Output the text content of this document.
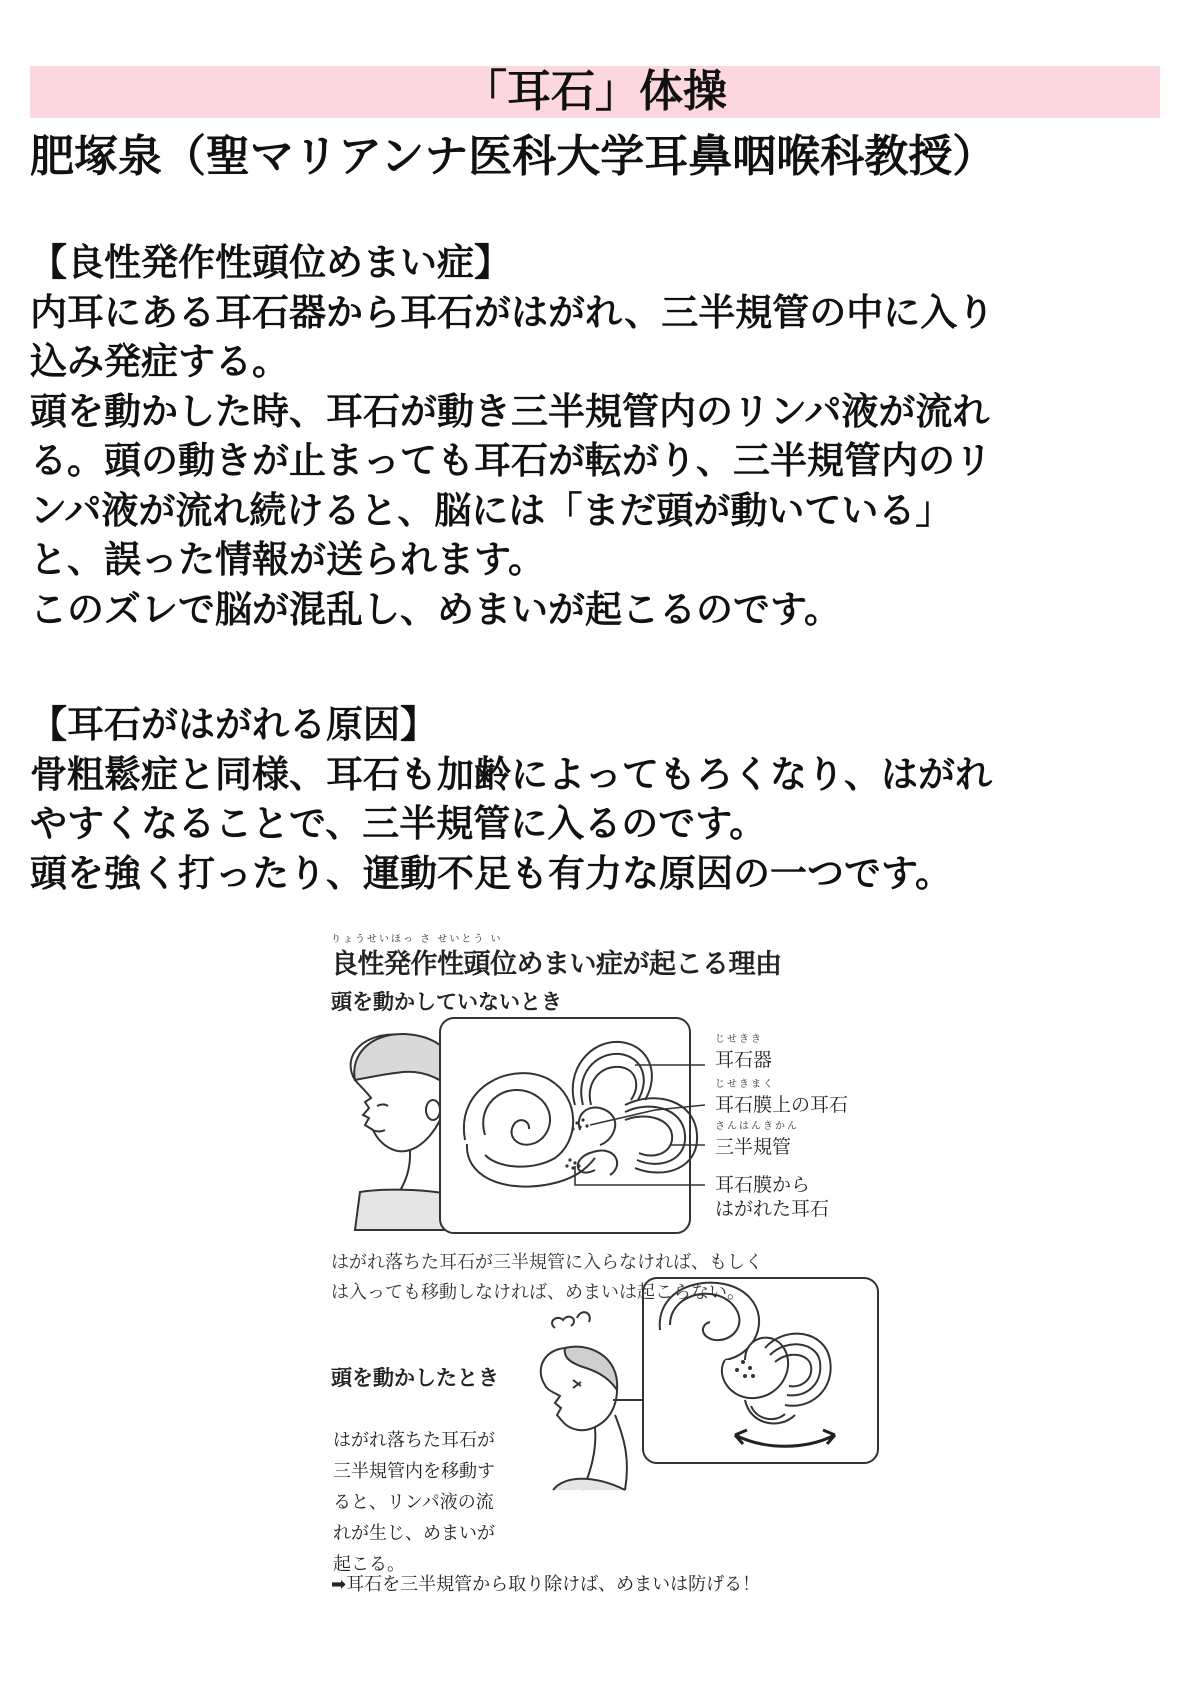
「耳石」体操
肥塚泉（聖マリアンナ医科大学耳鼻咽喉科教授）
【良性発作性頭位めまい症】
内耳にある耳石器から耳石がはがれ、三半規管の中に入り
込み発症する。
頭を動かした時、耳石が動き三半規管内のリンパ液が流れ
る。頭の動きが止まっても耳石が転がり、三半規管内のリ
ンパ液が流れ続けると、脳には「まだ頭が動いている」
と、誤った情報が送られます。
このズレで脳が混乱し、めまいが起こるのです。
【耳石がはがれる原因】
骨粗鬆症と同様、耳石も加齢によってもろくなり、はがれ
やすくなることで、三半規管に入るのです。
頭を強く打ったり、運動不足も有力な原因の一つです。
りょうせいほっ さ せいとう い
良性発作性頭位めまい症が起こる理由
頭を動かしていないとき
じせきき
耳石器
じせきまく
耳石膜上の耳石
さんはんきかん
三半規管
耳石膜から
はがれた耳石
はがれ落ちた耳石が三半規管に入らなければ、もしく
は入っても移動しなければ、めまいは起こらない。
頭を動かしたとき
はがれ落ちた耳石が
三半規管内を移動す
ると、リンパ液の流
れが生じ、めまいが
起こる。
➡耳石を三半規管から取り除けば、めまいは防げる！
